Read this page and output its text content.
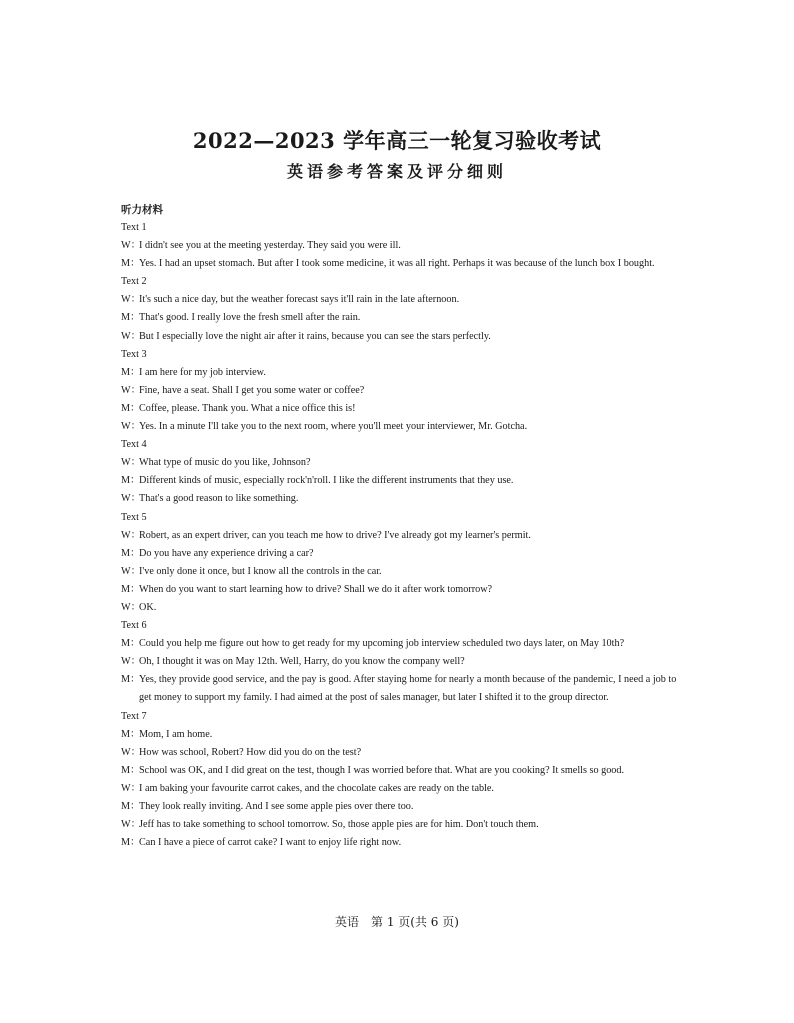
2022—2023 学年高三一轮复习验收考试
英语参考答案及评分细则
听力材料
Text 1
W：
I didn't see you at the meeting yesterday. They said you were ill.
M：
Yes. I had an upset stomach. But after I took some medicine, it was all right. Perhaps it was because of the lunch box I bought.
Text 2
W：
It's such a nice day, but the weather forecast says it'll rain in the late afternoon.
M：
That's good. I really love the fresh smell after the rain.
W：
But I especially love the night air after it rains, because you can see the stars perfectly.
Text 3
M：
I am here for my job interview.
W：
Fine, have a seat. Shall I get you some water or coffee?
M：
Coffee, please. Thank you. What a nice office this is!
W：
Yes. In a minute I'll take you to the next room, where you'll meet your interviewer, Mr. Gotcha.
Text 4
W：
What type of music do you like, Johnson?
M：
Different kinds of music, especially rock'n'roll. I like the different instruments that they use.
W：
That's a good reason to like something.
Text 5
W：
Robert, as an expert driver, can you teach me how to drive? I've already got my learner's permit.
M：
Do you have any experience driving a car?
W：
I've only done it once, but I know all the controls in the car.
M：
When do you want to start learning how to drive? Shall we do it after work tomorrow?
W：
OK.
Text 6
M：
Could you help me figure out how to get ready for my upcoming job interview scheduled two days later, on May 10th?
W：
Oh, I thought it was on May 12th. Well, Harry, do you know the company well?
M：
Yes, they provide good service, and the pay is good. After staying home for nearly a month because of the pandemic, I need a job to get money to support my family. I had aimed at the post of sales manager, but later I shifted it to the group director.
Text 7
M：
Mom, I am home.
W：
How was school, Robert? How did you do on the test?
M：
School was OK, and I did great on the test, though I was worried before that. What are you cooking? It smells so good.
W：
I am baking your favourite carrot cakes, and the chocolate cakes are ready on the table.
M：
They look really inviting. And I see some apple pies over there too.
W：
Jeff has to take something to school tomorrow. So, those apple pies are for him. Don't touch them.
M：
Can I have a piece of carrot cake? I want to enjoy life right now.
英语　第 1 页(共 6 页)
